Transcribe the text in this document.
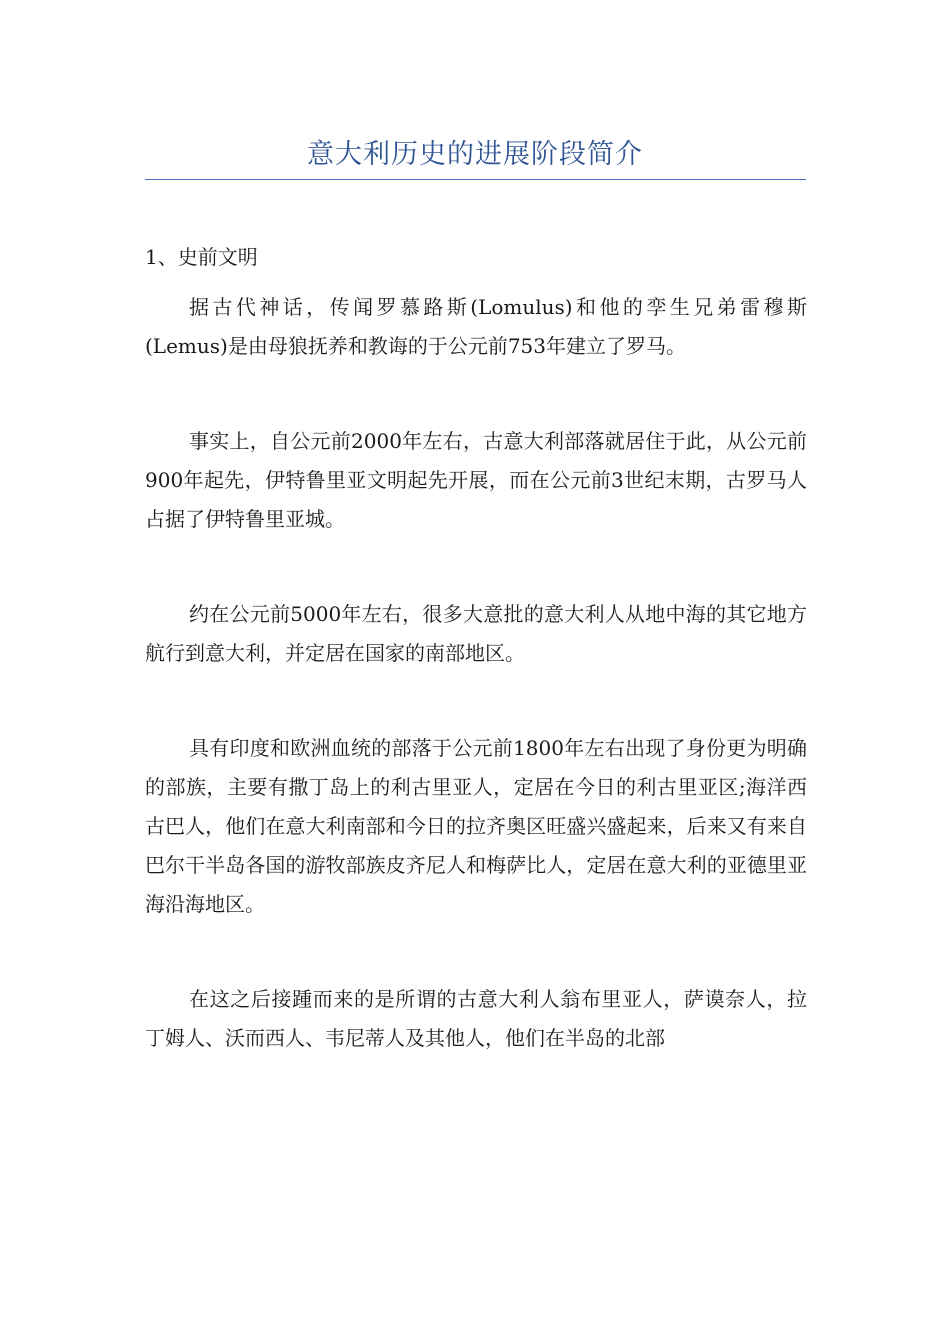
意大利历史的进展阶段简介

1、史前文明

据古代神话，传闻罗慕路斯(Lomulus)和他的孪生兄弟雷穆斯(Lemus)是由母狼抚养和教诲的于公元前753年建立了罗马。

事实上，自公元前2000年左右，古意大利部落就居住于此，从公元前900年起先，伊特鲁里亚文明起先开展，而在公元前3世纪末期，古罗马人占据了伊特鲁里亚城。

约在公元前5000年左右，很多大意批的意大利人从地中海的其它地方航行到意大利，并定居在国家的南部地区。

具有印度和欧洲血统的部落于公元前1800年左右出现了身份更为明确的部族，主要有撒丁岛上的利古里亚人，定居在今日的利古里亚区;海洋西古巴人，他们在意大利南部和今日的拉齐奥区旺盛兴盛起来，后来又有来自巴尔干半岛各国的游牧部族皮齐尼人和梅萨比人，定居在意大利的亚德里亚海沿海地区。

在这之后接踵而来的是所谓的古意大利人翁布里亚人，萨谟奈人，拉丁姆人、沃而西人、韦尼蒂人及其他人，他们在半岛的北部
